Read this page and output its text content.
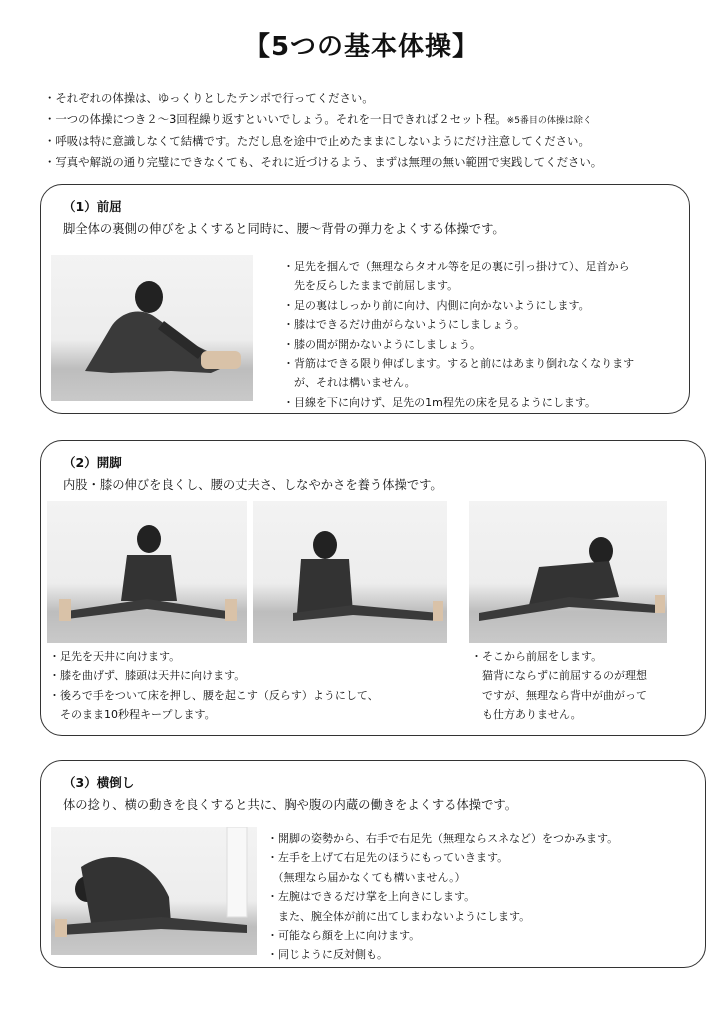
【5つの基本体操】
・それぞれの体操は、ゆっくりとしたテンポで行ってください。
・一つの体操につき２〜3回程繰り返すといいでしょう。それを一日できれば２セット程。※5番目の体操は除く
・呼吸は特に意識しなくて結構です。ただし息を途中で止めたままにしないようにだけ注意してください。
・写真や解説の通り完璧にできなくても、それに近づけるよう、まずは無理の無い範囲で実践してください。
（1）前屈
脚全体の裏側の伸びをよくすると同時に、腰〜背骨の弾力をよくする体操です。
・足先を掴んで（無理ならタオル等を足の裏に引っ掛けて）、足首から
　先を反らしたままで前屈します。
・足の裏はしっかり前に向け、内側に向かないようにします。
・膝はできるだけ曲がらないようにしましょう。
・膝の間が開かないようにしましょう。
・背筋はできる限り伸ばします。すると前にはあまり倒れなくなります
　が、それは構いません。
・目線を下に向けず、足先の1m程先の床を見るようにします。
（2）開脚
内股・膝の伸びを良くし、腰の丈夫さ、しなやかさを養う体操です。
・足先を天井に向けます。
・膝を曲げず、膝頭は天井に向けます。
・後ろで手をついて床を押し、腰を起こす（反らす）ようにして、
　そのまま10秒程キープします。
・そこから前屈をします。
　猫背にならずに前屈するのが理想
　ですが、無理なら背中が曲がって
　も仕方ありません。
（3）横倒し
体の捻り、横の動きを良くすると共に、胸や腹の内蔵の働きをよくする体操です。
・開脚の姿勢から、右手で右足先（無理ならスネなど）をつかみます。
・左手を上げて右足先のほうにもっていきます。
　（無理なら届かなくても構いません。）
・左腕はできるだけ掌を上向きにします。
　また、腕全体が前に出てしまわないようにします。
・可能なら顔を上に向けます。
・同じように反対側も。
